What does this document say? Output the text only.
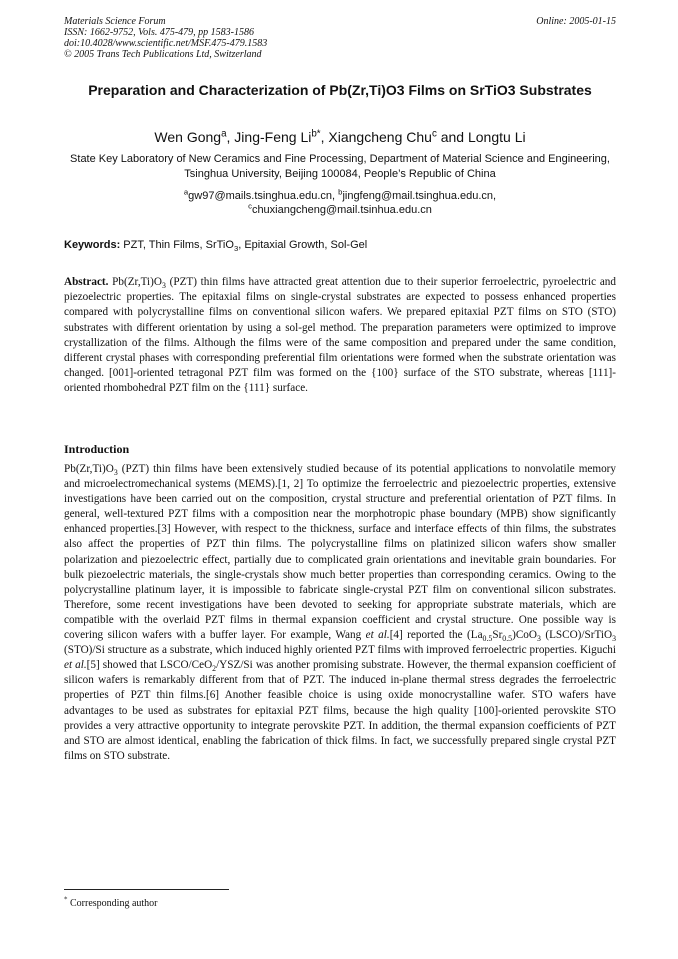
Materials Science Forum
ISSN: 1662-9752, Vols. 475-479, pp 1583-1586
doi:10.4028/www.scientific.net/MSF.475-479.1583
© 2005 Trans Tech Publications Ltd, Switzerland
Online: 2005-01-15
Preparation and Characterization of Pb(Zr,Ti)O3 Films on SrTiO3 Substrates
Wen Gong$^a$, Jing-Feng $Li^{b*}$, Xiangcheng Chu$^c$ and Longtu Li
State Key Laboratory of New Ceramics and Fine Processing, Department of Material Science and Engineering, Tsinghua University, Beijing 100084, People’s Republic of China
$^a$gw97@mails.tsinghua.edu.cn, $^b$jingfeng@mail.tsinghua.edu.cn,
$^c$chuxiangcheng@mail.tsinhua.edu.cn
Keywords: PZT, Thin Films, SrTiO$_3$, Epitaxial Growth, Sol-Gel
Abstract. $Pb(Zr,Ti)O_3$ (PZT) thin films have attracted great attention due to their superior ferroelectric, pyroelectric and piezoelectric properties. The epitaxial films on single-crystal substrates are expected to possess enhanced properties compared with polycrystalline films on conventional silicon wafers. We prepared epitaxial PZT films on STO (STO) substrates with different orientation by using a sol-gel method. The preparation parameters were optimized to improve crystallization of the films. Although the films were of the same composition and prepared under the same condition, different crystal phases with corresponding preferential film orientations were formed when the substrate orientation was changed. [001]-oriented tetragonal PZT film was formed on the {100} surface of the STO substrate, whereas [111]-oriented rhombohedral PZT film on the {111} surface.
Introduction
$Pb(Zr,Ti)O_3$ (PZT) thin films have been extensively studied because of its potential applications to nonvolatile memory and microelectromechanical systems (MEMS).[1, 2] To optimize the ferroelectric and piezoelectric properties, extensive investigations have been carried out on the composition, crystal structure and preferential orientation of PZT films. In general, well-textured PZT films with a composition near the morphotropic phase boundary (MPB) show significantly enhanced properties.[3] However, with respect to the thickness, surface and interface effects of thin films, the substrates also affect the properties of PZT thin films. The polycrystalline films on platinized silicon wafers show smaller polarization and piezoelectric effect, partially due to complicated grain orientations and inevitable grain boundaries. For bulk piezoelectric materials, the single-crystals show much better properties than corresponding ceramics. Owing to the polycrystalline platinum layer, it is impossible to fabricate single-crystal PZT film on conventional silicon substrates. Therefore, some recent investigations have been devoted to seeking for appropriate substrate materials, which are compatible with the overlaid PZT films in thermal expansion coefficient and crystal structure. One possible way is covering silicon wafers with a buffer layer. For example, Wang et al.[4] reported the $(La_{0.5}Sr_{0.5})CoO_3$ (LSCO)/SrTiO$_3$ (STO)/Si structure as a substrate, which induced highly oriented PZT films with improved ferroelectric properties. Kiguchi et al.[5] showed that LSCO/CeO$_2$/YSZ/Si was another promising substrate. However, the thermal expansion coefficient of silicon wafers is remarkably different from that of PZT. The induced in-plane thermal stress degrades the ferroelectric properties of PZT thin films.[6] Another feasible choice is using oxide monocrystalline wafer. STO wafers have advantages to be used as substrates for epitaxial PZT films, because the high quality [100]-oriented perovskite STO provides a very attractive opportunity to integrate perovskite PZT. In addition, the thermal expansion coefficients of PZT and STO are almost identical, enabling the fabrication of thick films. In fact, we successfully prepared single crystal PZT films on STO substrate.
* Corresponding author
